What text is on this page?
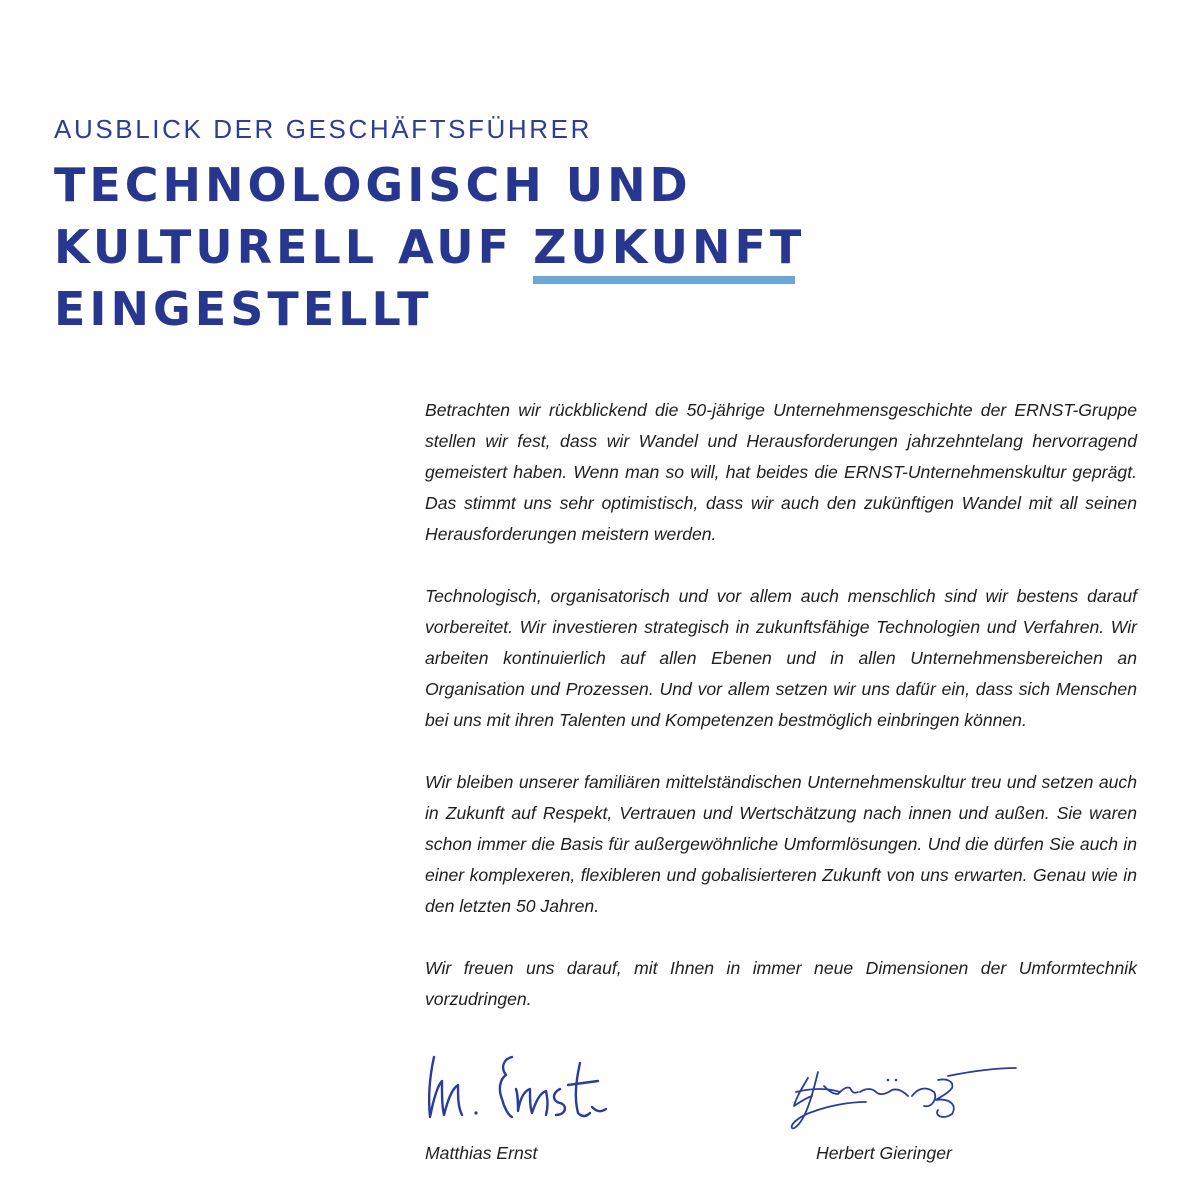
AUSBLICK DER GESCHÄFTSFÜHRER
TECHNOLOGISCH UND
KULTURELL AUF ZUKUNFT
EINGESTELLT

Betrachten wir rückblickend die 50-jährige Unternehmensgeschichte der ERNST-Gruppe stellen wir fest, dass wir Wandel und Herausforderungen jahrzehntelang hervorragend gemeistert haben. Wenn man so will, hat beides die ERNST-Unternehmenskultur geprägt. Das stimmt uns sehr optimistisch, dass wir auch den zukünftigen Wandel mit all seinen Herausforderungen meistern werden.

Technologisch, organisatorisch und vor allem auch menschlich sind wir bestens darauf vorbereitet. Wir investieren strategisch in zukunftsfähige Technologien und Verfahren. Wir arbeiten kontinuierlich auf allen Ebenen und in allen Unternehmensbereichen an Organisation und Prozessen. Und vor allem setzen wir uns dafür ein, dass sich Menschen bei uns mit ihren Talenten und Kompetenzen bestmöglich einbringen können.

Wir bleiben unserer familiären mittelständischen Unternehmenskultur treu und setzen auch in Zukunft auf Respekt, Vertrauen und Wertschätzung nach innen und außen. Sie waren schon immer die Basis für außergewöhnliche Umformlösungen. Und die dürfen Sie auch in einer komplexeren, flexibleren und gobalisierteren Zukunft von uns erwarten. Genau wie in den letzten 50 Jahren.

Wir freuen uns darauf, mit Ihnen in immer neue Dimensionen der Umformtechnik vorzudringen.

Matthias Ernst	Herbert Gieringer
